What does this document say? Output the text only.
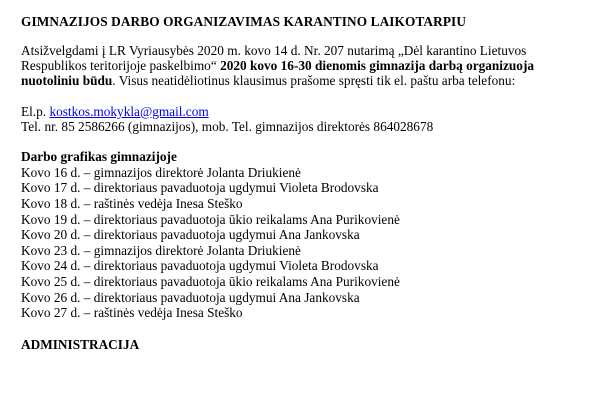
GIMNAZIJOS DARBO ORGANIZAVIMAS KARANTINO LAIKOTARPIU

Atsižvelgdami į LR Vyriausybės 2020 m. kovo 14 d. Nr. 207 nutarimą „Dėl karantino Lietuvos Respublikos teritorijoje paskelbimo“ 2020 kovo 16-30 dienomis gimnazija darbą organizuoja nuotoliniu būdu. Visus neatidėliotinus klausimus prašome spręsti tik el. paštu arba telefonu:

El.p. kostkos.mokykla@gmail.com

Tel. nr. 85 2586266 (gimnazijos), mob. Tel. gimnazijos direktorės 864028678

Darbo grafikas gimnazijoje
Kovo 16 d. – gimnazijos direktorė Jolanta Driukienė
Kovo 17 d. – direktoriaus pavaduotoja ugdymui Violeta Brodovska
Kovo 18 d. – raštinės vedėja Inesa Steško
Kovo 19 d. – direktoriaus pavaduotoja ūkio reikalams Ana Purikovienė
Kovo 20 d. – direktoriaus pavaduotoja ugdymui Ana Jankovska
Kovo 23 d. – gimnazijos direktorė Jolanta Driukienė
Kovo 24 d. – direktoriaus pavaduotoja ugdymui Violeta Brodovska
Kovo 25 d. – direktoriaus pavaduotoja ūkio reikalams Ana Purikovienė
Kovo 26 d. – direktoriaus pavaduotoja ugdymui Ana Jankovska
Kovo 27 d. – raštinės vedėja Inesa Steško
ADMINISTRACIJA
